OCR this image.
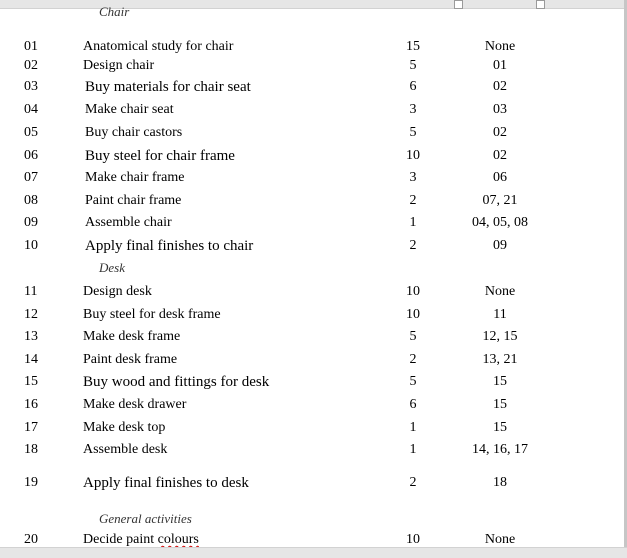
Chair
01	Anatomical study for chair	15	None
02	Design chair	5	01
03	Buy materials for chair seat	6	02
04	Make chair seat	3	03
05	Buy chair castors	5	02
06	Buy steel for chair frame	10	02
07	Make chair frame	3	06
08	Paint chair frame	2	07, 21
09	Assemble chair	1	04, 05, 08
10	Apply final finishes to chair	2	09
Desk
11	Design desk	10	None
12	Buy steel for desk frame	10	11
13	Make desk frame	5	12, 15
14	Paint desk frame	2	13, 21
15	Buy wood and fittings for desk	5	15
16	Make desk drawer	6	15
17	Make desk top	1	15
18	Assemble desk	1	14, 16, 17
19	Apply final finishes to desk	2	18
General activities
20	Decide paint colours	10	None
